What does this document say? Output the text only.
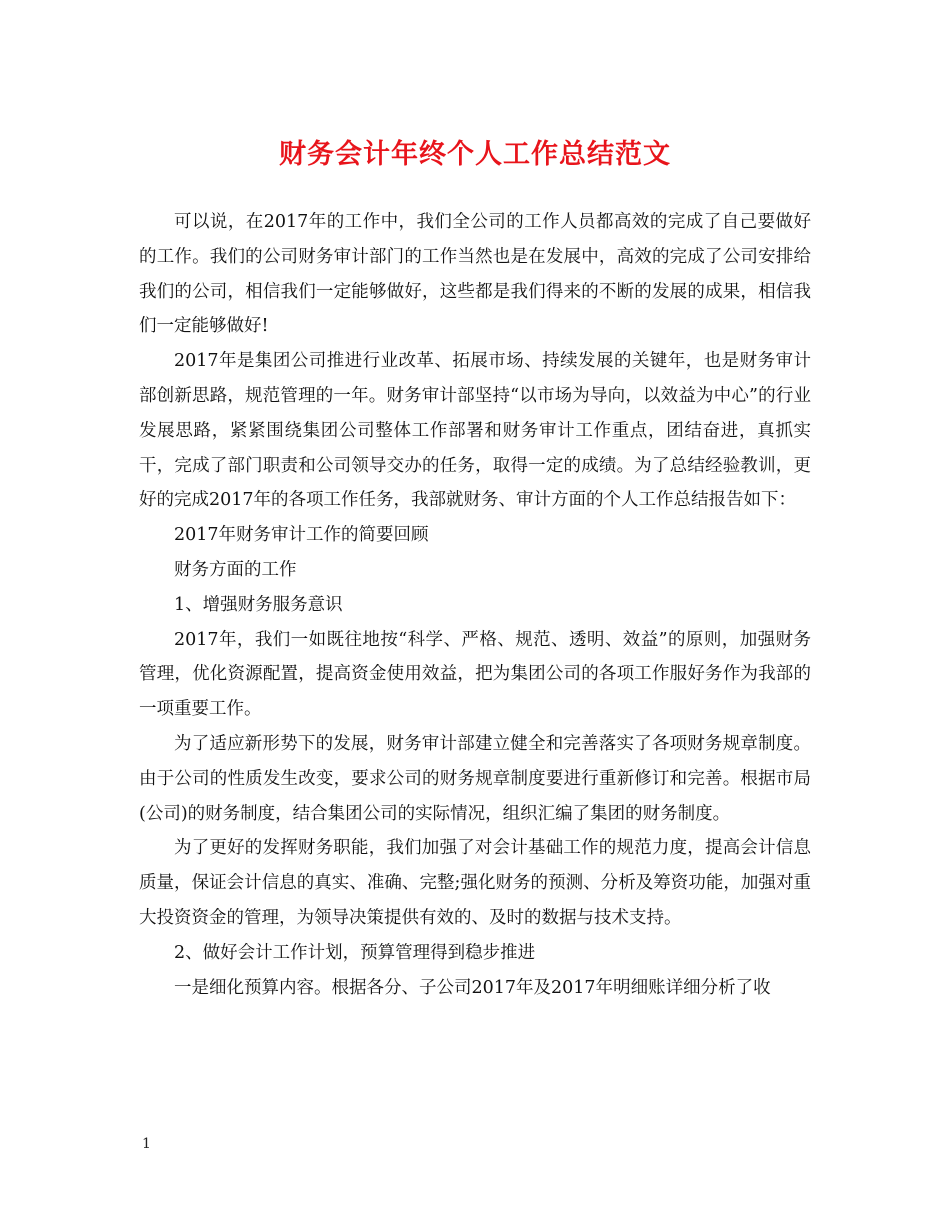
财务会计年终个人工作总结范文

可以说，在2017年的工作中，我们全公司的工作人员都高效的完成了自己要做好的工作。我们的公司财务审计部门的工作当然也是在发展中，高效的完成了公司安排给我们的公司，相信我们一定能够做好，这些都是我们得来的不断的发展的成果，相信我们一定能够做好!

2017年是集团公司推进行业改革、拓展市场、持续发展的关键年，也是财务审计部创新思路，规范管理的一年。财务审计部坚持“以市场为导向，以效益为中心”的行业发展思路，紧紧围绕集团公司整体工作部署和财务审计工作重点，团结奋进，真抓实干，完成了部门职责和公司领导交办的任务，取得一定的成绩。为了总结经验教训，更好的完成2017年的各项工作任务，我部就财务、审计方面的个人工作总结报告如下：

2017年财务审计工作的简要回顾

财务方面的工作

1、增强财务服务意识

2017年，我们一如既往地按“科学、严格、规范、透明、效益”的原则，加强财务管理，优化资源配置，提高资金使用效益，把为集团公司的各项工作服好务作为我部的一项重要工作。

为了适应新形势下的发展，财务审计部建立健全和完善落实了各项财务规章制度。由于公司的性质发生改变，要求公司的财务规章制度要进行重新修订和完善。根据市局(公司)的财务制度，结合集团公司的实际情况，组织汇编了集团的财务制度。

为了更好的发挥财务职能，我们加强了对会计基础工作的规范力度，提高会计信息质量，保证会计信息的真实、准确、完整;强化财务的预测、分析及筹资功能，加强对重大投资资金的管理，为领导决策提供有效的、及时的数据与技术支持。

2、做好会计工作计划，预算管理得到稳步推进

一是细化预算内容。根据各分、子公司2017年及2017年明细账详细分析了收

1
